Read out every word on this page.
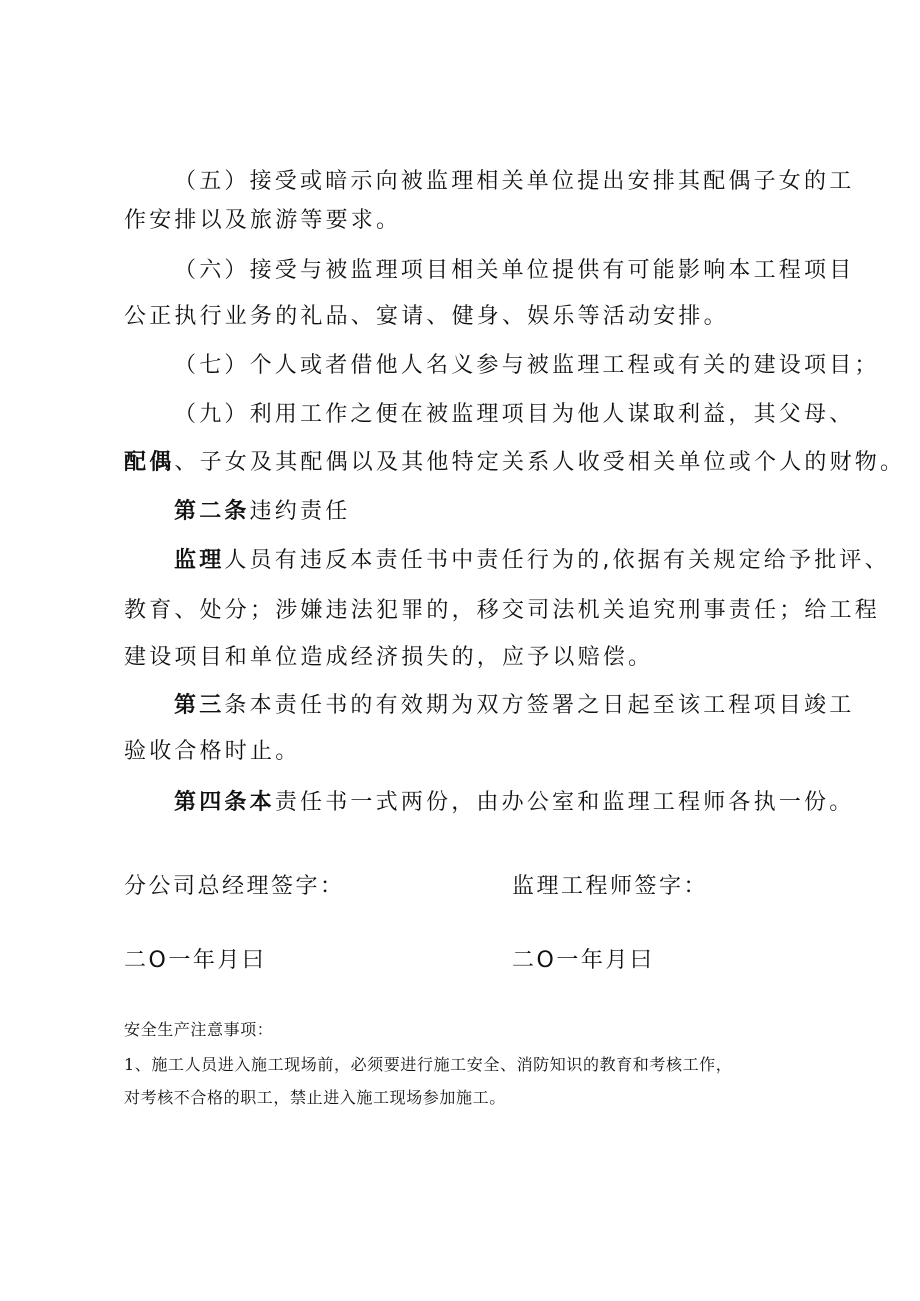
（五）接受或暗示向被监理相关单位提出安排其配偶子女的工
作安排以及旅游等要求。
（六）接受与被监理项目相关单位提供有可能影响本工程项目
公正执行业务的礼品、宴请、健身、娱乐等活动安排。
（七）个人或者借他人名义参与被监理工程或有关的建设项目；
（九）利用工作之便在被监理项目为他人谋取利益，其父母、
配偶、子女及其配偶以及其他特定关系人收受相关单位或个人的财物。
第二条违约责任
监理人员有违反本责任书中责任行为的,依据有关规定给予批评、
教育、处分；涉嫌违法犯罪的，移交司法机关追究刑事责任；给工程
建设项目和单位造成经济损失的，应予以赔偿。
第三条本责任书的有效期为双方签署之日起至该工程项目竣工
验收合格时止。
第四条本责任书一式两份，由办公室和监理工程师各执一份。
分公司总经理签字：	监理工程师签字：
二O一年月曰	二O一年月曰
安全生产注意事项：
1、施工人员进入施工现场前，必须要进行施工安全、消防知识的教育和考核工作，
对考核不合格的职工，禁止进入施工现场参加施工。
